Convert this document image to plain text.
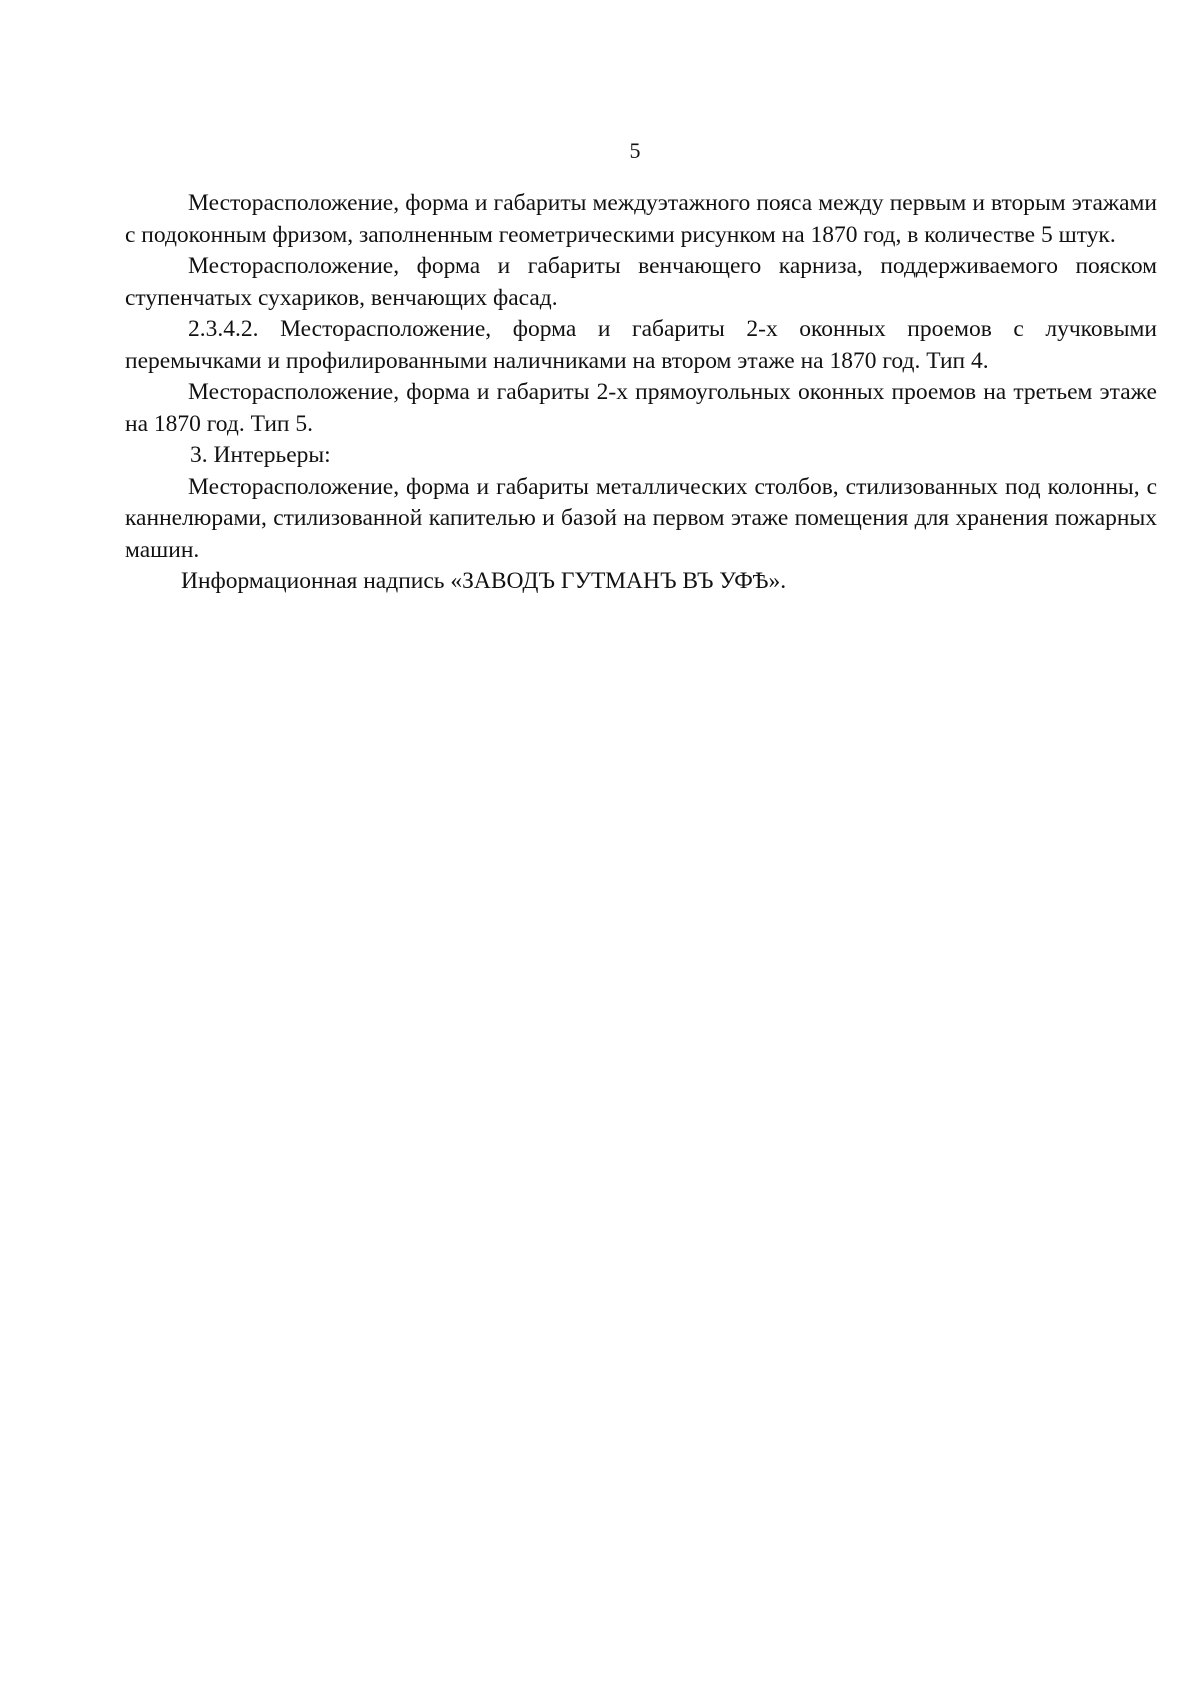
5

Месторасположение, форма и габариты междуэтажного пояса между первым и вторым этажами с подоконным фризом, заполненным геометрическими рисунком на 1870 год, в количестве 5 штук.

Месторасположение, форма и габариты венчающего карниза, поддерживаемого пояском ступенчатых сухариков, венчающих фасад.

2.3.4.2. Месторасположение, форма и габариты 2-х оконных проемов с лучковыми перемычками и профилированными наличниками на втором этаже на 1870 год. Тип 4.

Месторасположение, форма и габариты 2-х прямоугольных оконных проемов на третьем этаже на 1870 год. Тип 5.

3. Интерьеры:

Месторасположение, форма и габариты металлических столбов, стилизованных под колонны, с каннелюрами, стилизованной капителью и базой на первом этаже помещения для хранения пожарных машин.

Информационная надпись «ЗАВОДЪ ГУТМАНЪ ВЪ УФѢ».
